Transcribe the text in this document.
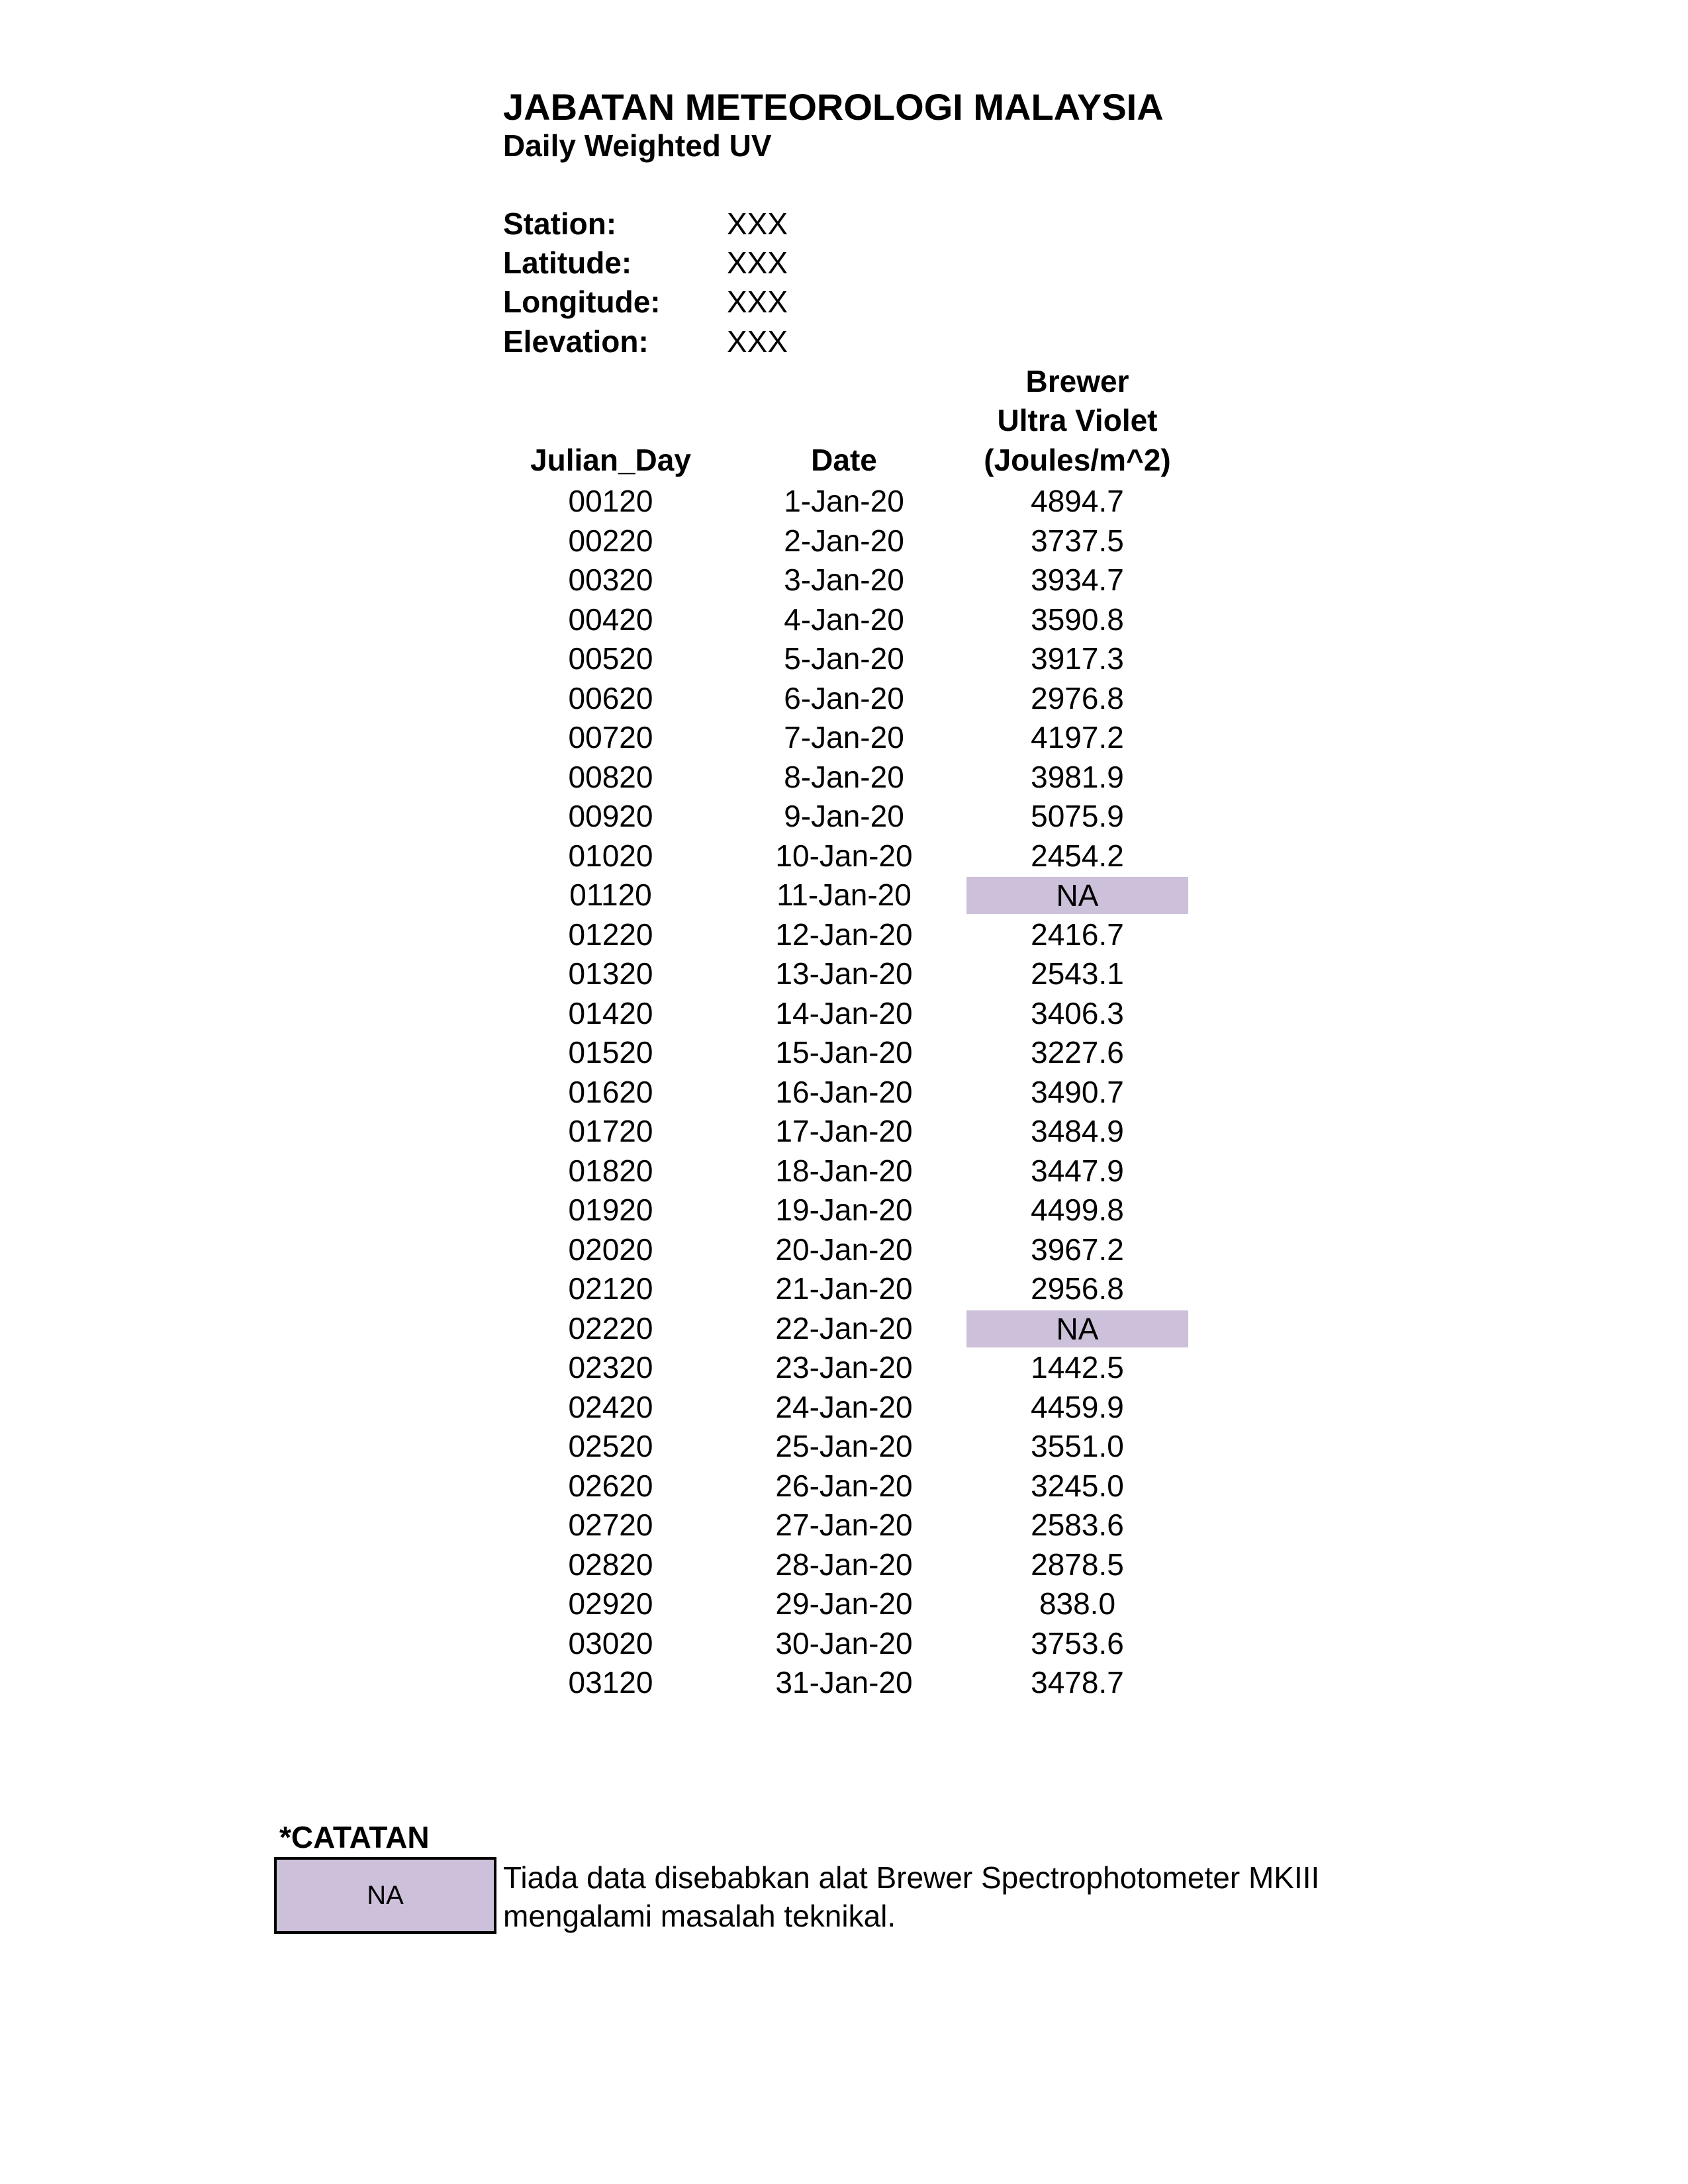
JABATAN METEOROLOGI MALAYSIA
Daily Weighted UV
Station:	XXX
Latitude:	XXX
Longitude: XXX
Elevation:	XXX
Brewer
Ultra Violet
Julian_Day	Date	(Joules/m^2)
00120	1-Jan-20	4894.7
00220	2-Jan-20	3737.5
00320	3-Jan-20	3934.7
00420	4-Jan-20	3590.8
00520	5-Jan-20	3917.3
00620	6-Jan-20	2976.8
00720	7-Jan-20	4197.2
00820	8-Jan-20	3981.9
00920	9-Jan-20	5075.9
01020	10-Jan-20	2454.2
01120	11-Jan-20	NA
01220	12-Jan-20	2416.7
01320	13-Jan-20	2543.1
01420	14-Jan-20	3406.3
01520	15-Jan-20	3227.6
01620	16-Jan-20	3490.7
01720	17-Jan-20	3484.9
01820	18-Jan-20	3447.9
01920	19-Jan-20	4499.8
02020	20-Jan-20	3967.2
02120	21-Jan-20	2956.8
02220	22-Jan-20	NA
02320	23-Jan-20	1442.5
02420	24-Jan-20	4459.9
02520	25-Jan-20	3551.0
02620	26-Jan-20	3245.0
02720	27-Jan-20	2583.6
02820	28-Jan-20	2878.5
02920	29-Jan-20	838.0
03020	30-Jan-20	3753.6
03120	31-Jan-20	3478.7
*CATATAN
NA
Tiada data disebabkan alat Brewer Spectrophotometer MKIII mengalami masalah teknikal.
